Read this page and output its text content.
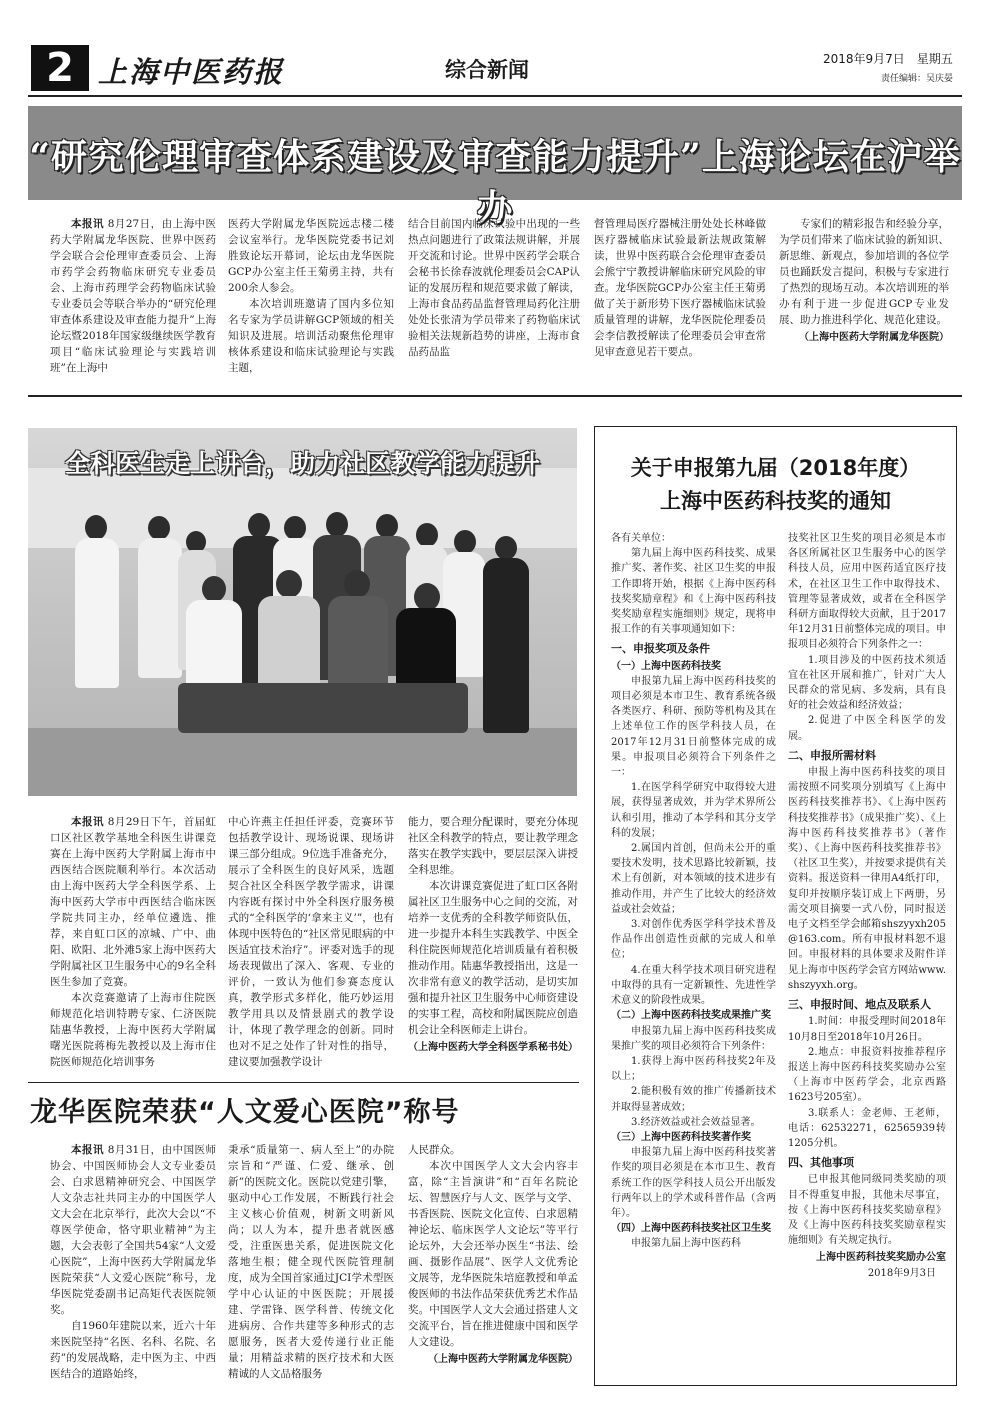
2 上海中医药报	综合新闻	2018年9月7日　星期五
责任编辑：吴庆晏
“研究伦理审查体系建设及审查能力提升”上海论坛在沪举办

本报讯 8月27日，由上海中医药大学附属龙华医院、世界中医药学会联合会伦理审查委员会、上海市药学会药物临床研究专业委员会、上海市药理学会药物临床试验专业委员会等联合举办的“研究伦理审查体系建设及审查能力提升”上海论坛暨2018年国家级继续医学教育项目“临床试验理论与实践培训班”在上海中

医药大学附属龙华医院远志楼二楼会议室举行。龙华医院党委书记刘胜致论坛开幕词，论坛由龙华医院GCP办公室主任王菊勇主持，共有200余人参会。

本次培训班邀请了国内多位知名专家为学员讲解GCP领域的相关知识及进展。培训活动聚焦伦理审核体系建设和临床试验理论与实践主题，

结合目前国内临床试验中出现的一些热点问题进行了政策法规讲解，并展开交流和讨论。世界中医药学会联合会秘书长徐春波就伦理委员会CAP认证的发展历程和规范要求做了解读，上海市食品药品监督管理局药化注册处处长张清为学员带来了药物临床试验相关法规新趋势的讲座，上海市食品药品监

督管理局医疗器械注册处处长林峰做医疗器械临床试验最新法规政策解读，世界中医药联合会伦理审查委员会熊宁宁教授讲解临床研究风险的审查。龙华医院GCP办公室主任王菊勇做了关于新形势下医疗器械临床试验质量管理的讲解，龙华医院伦理委员会李信教授解读了伦理委员会审查常见审查意见若干要点。

专家们的精彩报告和经验分享，为学员们带来了临床试验的新知识、新思维、新观点，参加培训的各位学员也踊跃发言提问，积极与专家进行了热烈的现场互动。本次培训班的举办有利于进一步促进GCP专业发展、助力推进科学化、规范化建设。

（上海中医药大学附属龙华医院）
全科医生走上讲台，助力社区教学能力提升

本报讯 8月29日下午，首届虹口区社区教学基地全科医生讲课竞赛在上海中医药大学附属上海市中西医结合医院顺利举行。本次活动由上海中医药大学全科医学系、上海中医药大学市中西医结合临床医学院共同主办，经单位遴选、推荐，来自虹口区的凉城、广中、曲阳、欧阳、北外滩5家上海中医药大学附属社区卫生服务中心的9名全科医生参加了竞赛。

本次竞赛邀请了上海市住院医师规范化培训特聘专家、仁济医院陆惠华教授，上海中医药大学附属曙光医院蒋梅先教授以及上海市住院医师规范化培训事务

中心许燕主任担任评委，竞赛环节包括教学设计、现场说课、现场讲课三部分组成。9位选手准备充分，展示了全科医生的良好风采，选题契合社区全科医学教学需求，讲课内容既有探讨中外全科医疗服务模式的“全科医学的‘拿来主义’”，也有体现中医特色的“社区常见眼病的中医适宜技术治疗”。评委对选手的现场表现做出了深入、客观、专业的评价，一致认为他们参赛态度认真，教学形式多样化，能巧妙运用教学用具以及情景剧式的教学设计，体现了教学理念的创新。同时也对不足之处作了针对性的指导，建议要加强教学设计

能力，要合理分配课时，要充分体现社区全科教学的特点，要让教学理念落实在教学实践中，要层层深入讲授全科思维。

本次讲课竞赛促进了虹口区各附属社区卫生服务中心之间的交流，对培养一支优秀的全科教学师资队伍，进一步提升本科生实践教学、中医全科住院医师规范化培训质量有着积极推动作用。陆惠华教授指出，这是一次非常有意义的教学活动，是切实加强和提升社区卫生服务中心师资建设的实事工程，高校和附属医院应创造机会让全科医师走上讲台。

（上海中医药大学全科医学系秘书处）
龙华医院荣获“人文爱心医院”称号

本报讯 8月31日，由中国医师协会、中国医师协会人文专业委员会、白求恩精神研究会、中国医学人文杂志社共同主办的中国医学人文大会在北京举行，此次大会以“不尊医学使命，恪守职业精神”为主题，大会表彰了全国共54家“人文爱心医院”，上海中医药大学附属龙华医院荣获“人文爱心医院”称号，龙华医院党委副书记高矩代表医院领奖。

自1960年建院以来，近六十年来医院坚持“名医、名科、名院、名药”的发展战略，走中医为主、中西医结合的道路始终，

秉承“质量第一、病人至上”的办院宗旨和“严谨、仁爱、继承、创新”的医院文化。医院以党建引擎，驱动中心工作发展，不断践行社会主义核心价值观，树新文明新风尚；以人为本，提升患者就医感受，注重医患关系，促进医院文化落地生根；健全现代医院管理制度，成为全国首家通过JCI学术型医学中心认证的中医医院；开展援建、学雷锋、医学科普、传统文化进病房、合作共建等多种形式的志愿服务，医者大爱传递行业正能量；用精益求精的医疗技术和大医精诚的人文品格服务

人民群众。

本次中国医学人文大会内容丰富，除“主旨演讲”和“百年名院论坛、智慧医疗与人文、医学与文学、书香医院、医院文化宣传、白求恩精神论坛、临床医学人文论坛”等平行论坛外，大会还举办医生“书法、绘画、摄影作品展”、医学人文优秀论文展等，龙华医院朱培庭教授和单孟俊医师的书法作品荣获优秀艺术作品奖。中国医学人文大会通过搭建人文交流平台，旨在推进健康中国和医学人文建设。

（上海中医药大学附属龙华医院）
关于申报第九届（2018年度）
上海中医药科技奖的通知

各有关单位：

第九届上海中医药科技奖、成果推广奖、著作奖、社区卫生奖的申报工作即将开始，根据《上海中医药科技奖奖励章程》和《上海中医药科技奖奖励章程实施细则》规定，现将申报工作的有关事项通知如下：

一、申报奖项及条件
（一）上海中医药科技奖

申报第九届上海中医药科技奖的项目必须是本市卫生、教育系统各级各类医疗、科研、预防等机构及其在上述单位工作的医学科技人员，在2017年12月31日前整体完成的成果。申报项目必须符合下列条件之一：

1.在医学科学研究中取得较大进展，获得显著成效，并为学术界所公认和引用，推动了本学科和其分支学科的发展；

2.属国内首创，但尚未公开的重要技术发明，技术思路比较新颖，技术上有创新，对本领域的技术进步有推动作用，并产生了比较大的经济效益或社会效益；

3.对创作优秀医学科学技术普及作品作出创造性贡献的完成人和单位；

4.在重大科学技术项目研究进程中取得的具有一定新颖性、先进性学术意义的阶段性成果。

（二）上海中医药科技奖成果推广奖

申报第九届上海中医药科技奖成果推广奖的项目必须符合下列条件：

1.获得上海中医药科技奖2年及以上；

2.能积极有效的推广传播新技术并取得显著成效；

3.经济效益或社会效益显著。

（三）上海中医药科技奖著作奖

申报第九届上海中医药科技奖著作奖的项目必须是在本市卫生、教育系统工作的医学科技人员公开出版发行两年以上的学术或科普作品（含两年）。

（四）上海中医药科技奖社区卫生奖

申报第九届上海中医药科

技奖社区卫生奖的项目必须是本市各区所属社区卫生服务中心的医学科技人员，应用中医药适宜医疗技术，在社区卫生工作中取得技术、管理等显著成效，或者在全科医学科研方面取得较大贡献，且于2017年12月31日前整体完成的项目。申报项目必须符合下列条件之一：

1.项目涉及的中医药技术须适宜在社区开展和推广，针对广大人民群众的常见病、多发病，具有良好的社会效益和经济效益；

2.促进了中医全科医学的发展。

二、申报所需材料

申报上海中医药科技奖的项目需按照不同奖项分别填写《上海中医药科技奖推荐书》、《上海中医药科技奖推荐书》（成果推广奖）、《上海中医药科技奖推荐书》（著作奖）、《上海中医药科技奖推荐书》（社区卫生奖），并按要求提供有关资料。报送资料一律用A4纸打印，复印并按顺序装订成上下两册，另需交项目摘要一式八份，同时报送电子文档至学会邮箱shszyyxh205@163.com。所有申报材料恕不退回。申报材料的具体要求及附件详见上海市中医药学会官方网站www.shszyyxh.org。

三、申报时间、地点及联系人

1.时间：申报受理时间2018年10月8日至2018年10月26日。

2.地点：申报资料按推荐程序报送上海中医药科技奖奖励办公室（上海市中医药学会，北京西路1623号205室）。

3.联系人：金老师、王老师，电话：62532271，62565939转1205分机。

四、其他事项

已申报其他同级同类奖励的项目不得重复申报，其他未尽事宜，按《上海中医药科技奖奖励章程》及《上海中医药科技奖奖励章程实施细则》有关规定执行。

上海中医药科技奖奖励办公室
2018年9月3日
